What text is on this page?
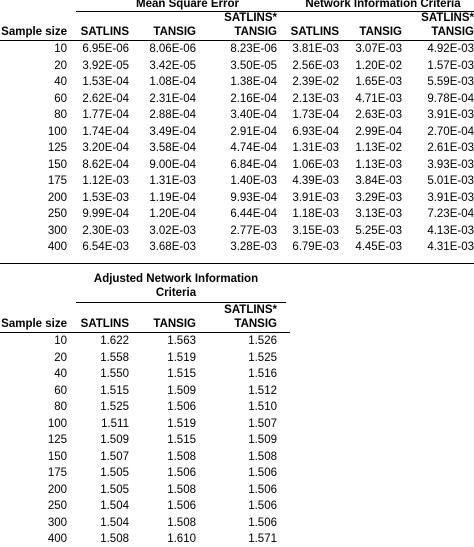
Mean Square Error	Network Information Criteria
SATLINS*	SATLINS*
Sample size	SATLINS	TANSIG	TANSIG	SATLINS	TANSIG	TANSIG
10	6.95E-06	8.06E-06	8.23E-06	3.81E-03	3.07E-03	4.92E-03
20	3.92E-05	3.42E-05	3.50E-05	2.56E-03	1.20E-02	1.57E-03
40	1.53E-04	1.08E-04	1.38E-04	2.39E-02	1.65E-03	5.59E-03
60	2.62E-04	2.31E-04	2.16E-04	2.13E-03	4.71E-03	9.78E-04
80	1.77E-04	2.88E-04	3.40E-04	1.73E-04	2.63E-03	3.91E-03
100	1.74E-04	3.49E-04	2.91E-04	6.93E-04	2.99E-04	2.70E-04
125	3.20E-04	3.58E-04	4.74E-04	1.31E-03	1.13E-02	2.61E-03
150	8.62E-04	9.00E-04	6.84E-04	1.06E-03	1.13E-03	3.93E-03
175	1.12E-03	1.31E-03	1.40E-03	4.39E-03	3.84E-03	5.01E-03
200	1.53E-03	1.19E-04	9.93E-04	3.91E-03	3.29E-03	3.91E-03
250	9.99E-04	1.20E-04	6.44E-04	1.18E-03	3.13E-03	7.23E-04
300	2.30E-03	3.02E-03	2.77E-03	3.15E-03	5.25E-03	4.13E-03
400	6.54E-03	3.68E-03	3.28E-03	6.79E-03	4.45E-03	4.31E-03
Adjusted Network Information
Criteria
SATLINS*
Sample size	SATLINS	TANSIG	TANSIG
10	1.622	1.563	1.526
20	1.558	1.519	1.525
40	1.550	1.515	1.516
60	1.515	1.509	1.512
80	1.525	1.506	1.510
100	1.511	1.519	1.507
125	1.509	1.515	1.509
150	1.507	1.508	1.508
175	1.505	1.506	1.506
200	1.505	1.508	1.506
250	1.504	1.506	1.506
300	1.504	1.508	1.506
400	1.508	1.610	1.571
